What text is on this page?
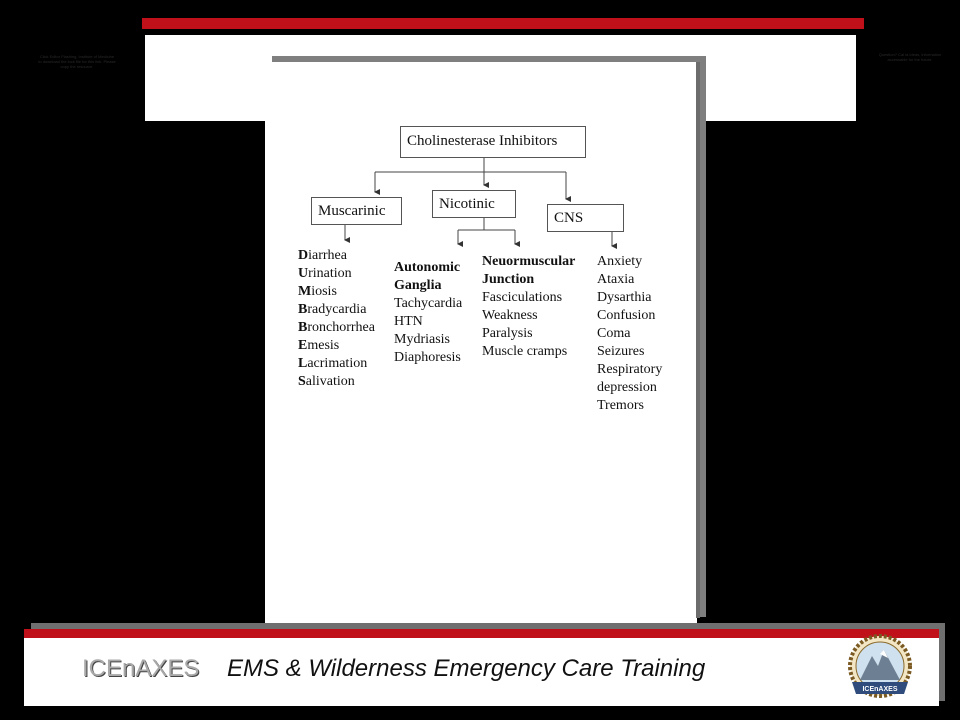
Click Editor Flashing, Institute of Medicine to download the lock file for this link. Please copy the resource.
Question? Cal la Ideas, information accessable for the future.
Cholinesterase Inhibitors
Muscarinic	Nicotinic
CNS
Diarrhea
Urination
Miosis
Bradycardia
Bronchorrhea
Emesis
Lacrimation
Salivation
Autonomic
Ganglia
Tachycardia
HTN
Mydriasis
Diaphoresis
Neuormuscular
Junction
Fasciculations
Weakness
Paralysis
Muscle cramps
Anxiety
Ataxia
Dysarthia
Confusion
Coma
Seizures
Respiratory
depression
Tremors
ICEnAXES EMS & Wilderness Emergency Care Training
ICEnAXES
